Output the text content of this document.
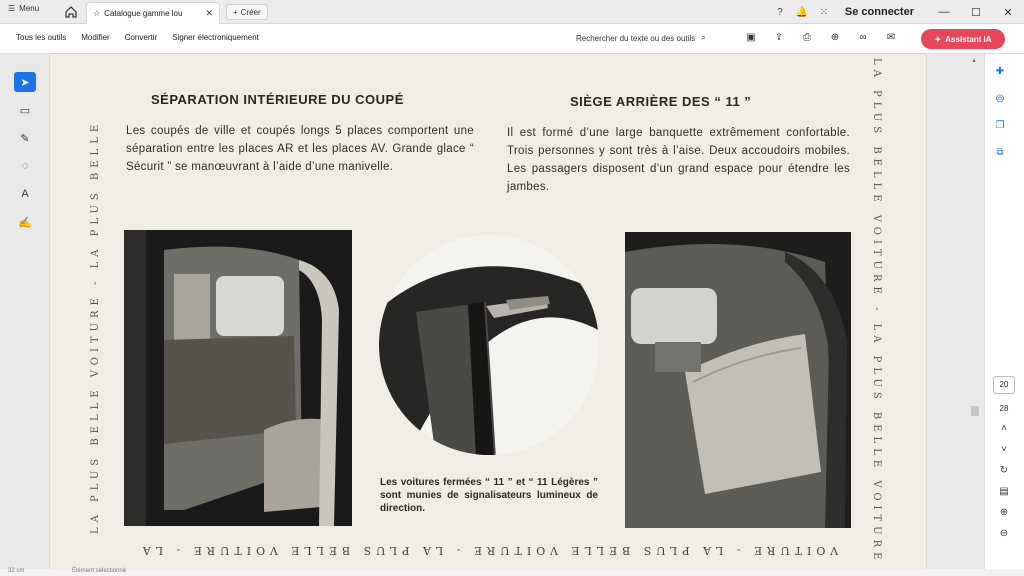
☰ Menu
☆ Catalogue gamme lou	✕	+ Créer	?	🔔	⁙	Se connecter	—	☐	✕
Tous les outils Modifier Convertir Signer électroniquement	Rechercher du texte ou des outils ⌕	▣ ⇪	⎙	⊕	∞	✉	✦ Assistant IA
➤
▭
✎
◌
A
✍	LA PLUS BELLE VOITURE - LA PLUS BELLE	LA PLUS BELLE VOITURE - LA PLUS BELLE VOITURE
VOITURE - LA PLUS BELLE VOITURE - LA PLUS BELLE VOITURE - LA
SÉPARATION INTÉRIEURE DU COUPÉ
Les coupés de ville et coupés longs 5 places comportent une séparation entre les places AR et les places AV. Grande glace “ Sécurit ” se manœuvrant à l’aide d’une manivelle.
SIÈGE ARRIÈRE DES “ 11 ”
Il est formé d’une large banquette extrêmement confortable. Trois personnes y sont très à l’aise. Deux accoudoirs mobiles. Les passagers disposent d’un grand espace pour étendre les jambes.
Les voitures fermées “ 11 ” et “ 11 Légères ” sont munies de signalisateurs lumineux de direction.
▲
✚
◎
❒
⧉
20
28
˄
˅
↻
▤
⊕
⊖
32 cm	Élément sélectionné
